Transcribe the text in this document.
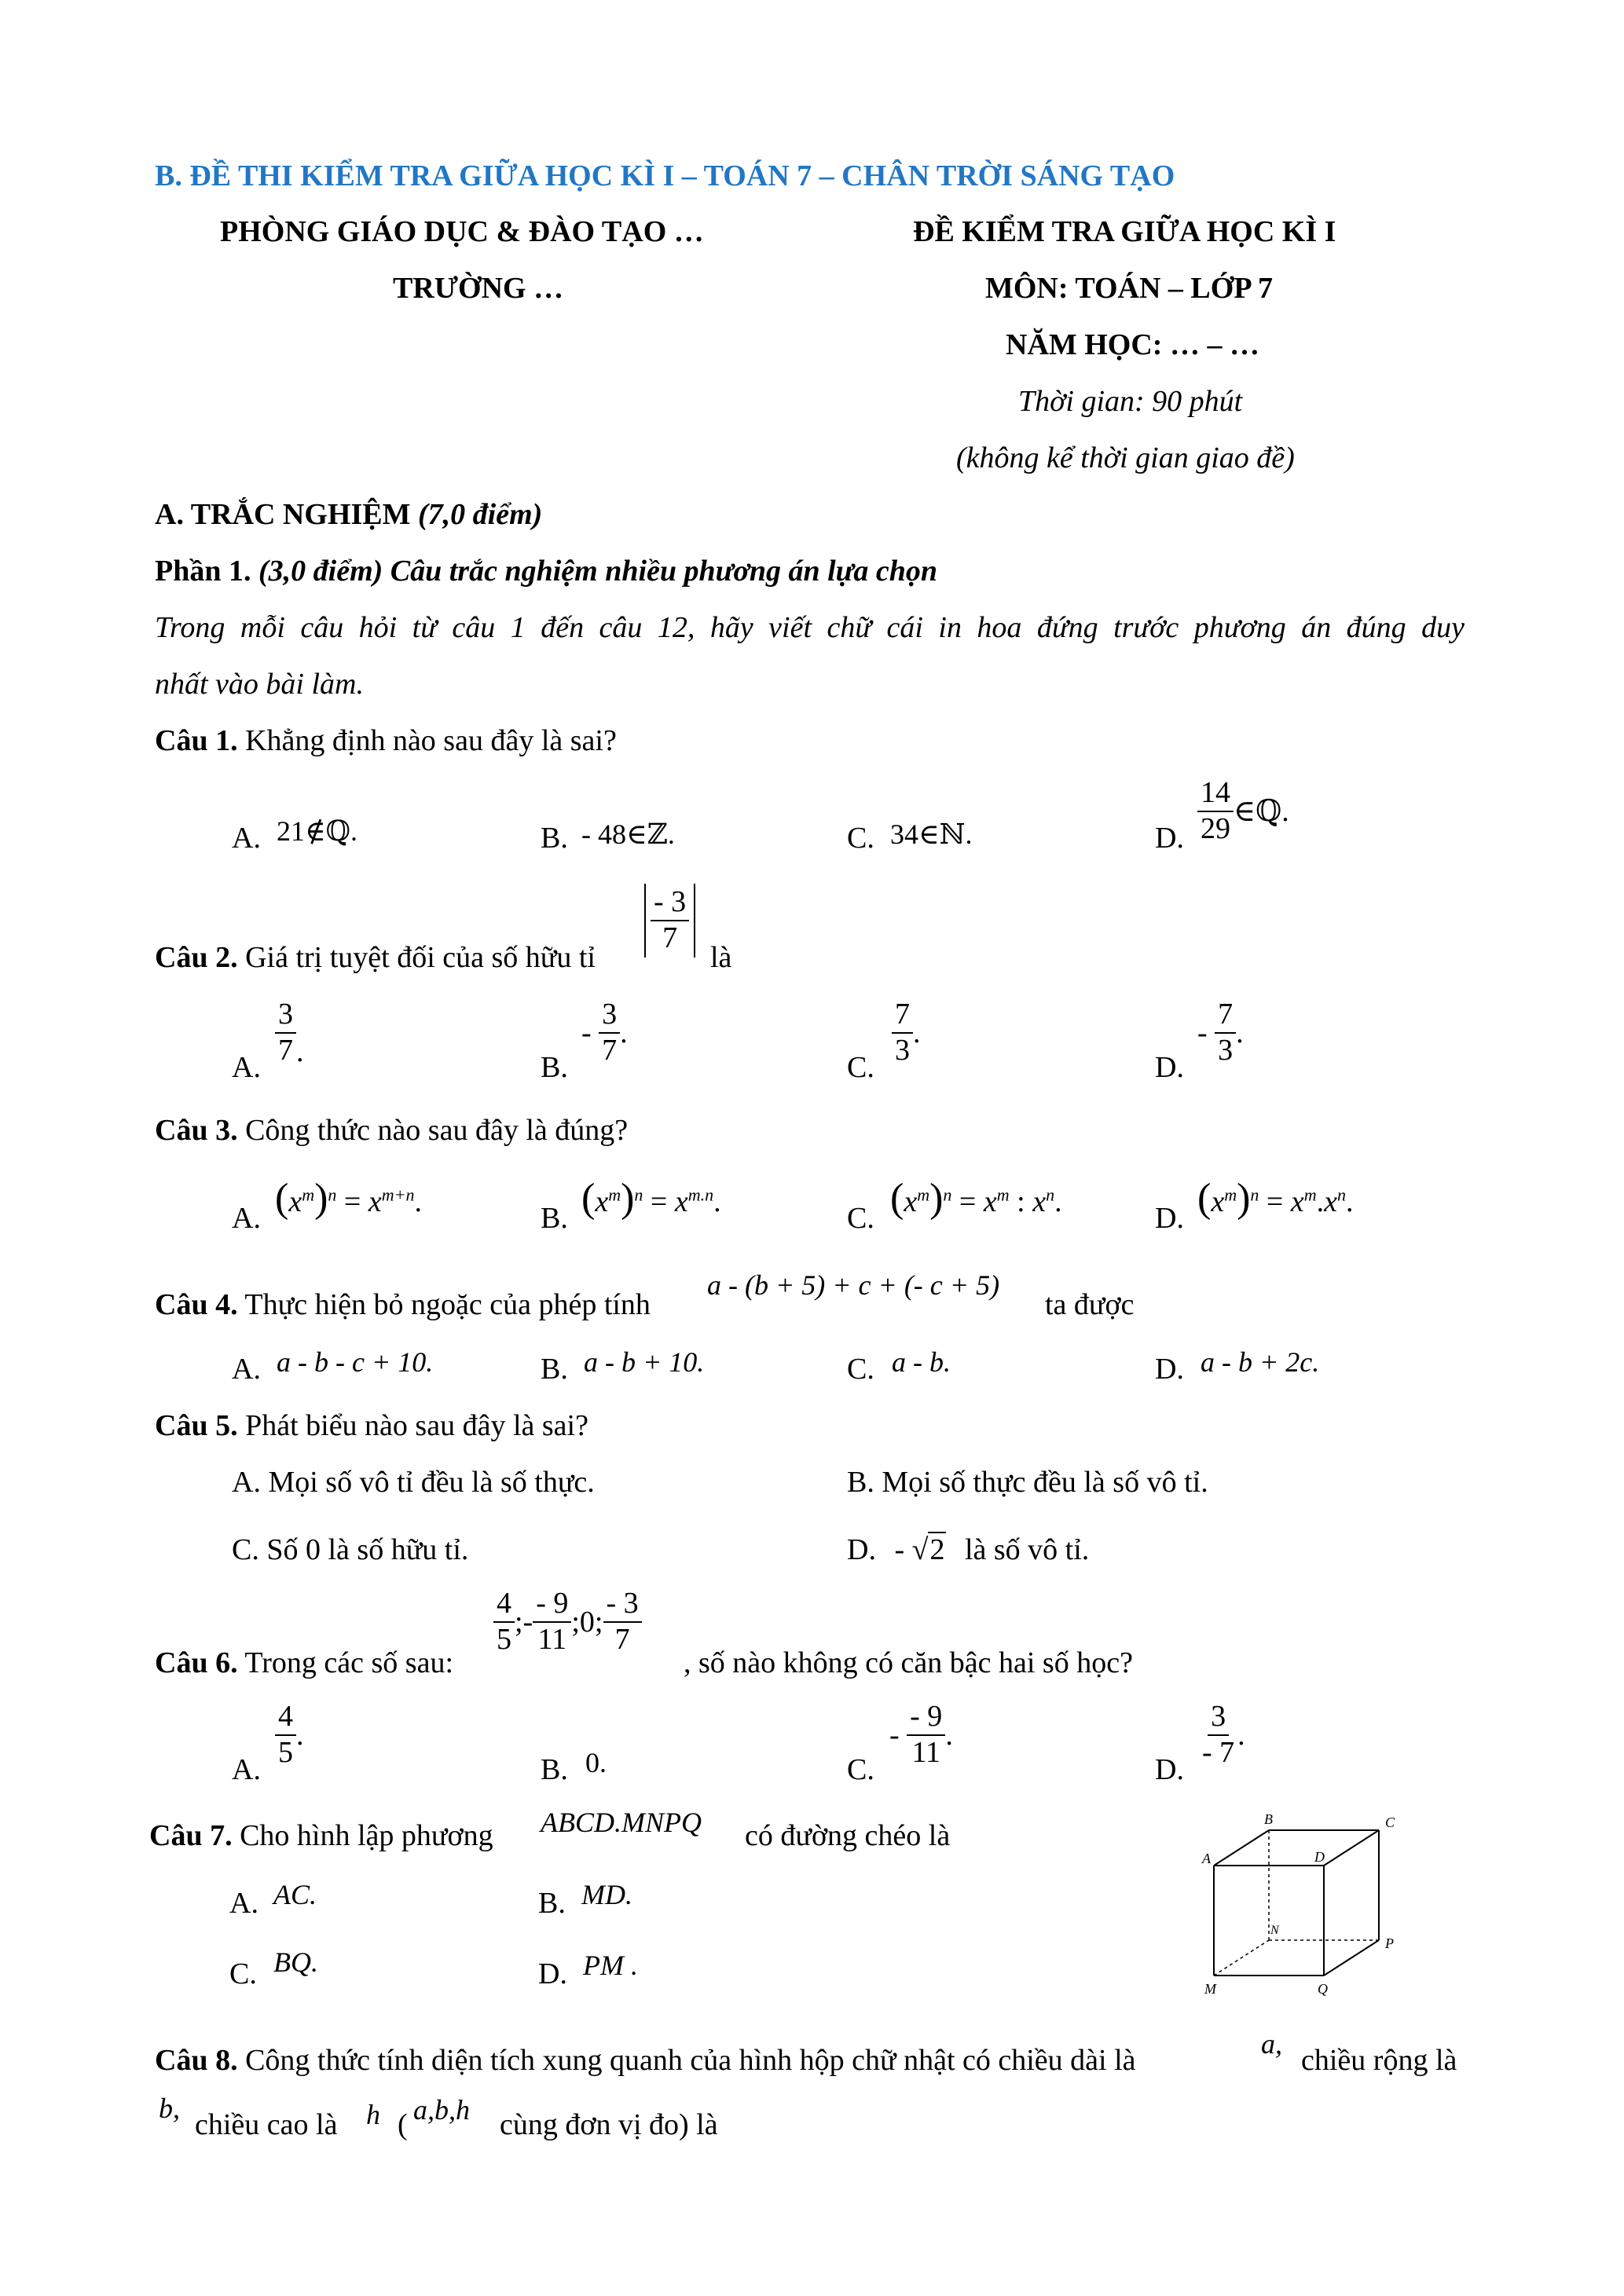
B. ĐỀ THI KIỂM TRA GIỮA HỌC KÌ I – TOÁN 7 – CHÂN TRỜI SÁNG TẠO
PHÒNG GIÁO DỤC & ĐÀO TẠO …
TRƯỜNG …
ĐỀ KIỂM TRA GIỮA HỌC KÌ I
MÔN: TOÁN – LỚP 7
NĂM HỌC: … – …
Thời gian: 90 phút
(không kể thời gian giao đề)
A. TRẮC NGHIỆM (7,0 điểm)
Phần 1. (3,0 điểm) Câu trắc nghiệm nhiều phương án lựa chọn
Trong mỗi câu hỏi từ câu 1 đến câu 12, hãy viết chữ cái in hoa đứng trước phương án đúng duy
nhất vào bài làm.
Câu 1. Khẳng định nào sau đây là sai?
A. 21∉ℚ.	B. - 48∈ℤ.	C. 34∈ℕ.	D. $\frac{14}{29}$ ∈ℚ.
Câu 2. Giá trị tuyệt đối của số hữu tỉ
$\frac{- 3}{7}$
là
A.
$\frac{3}{7}$ .	B.
- $\frac{3}{7}$ .
C.
$\frac{7}{3}$ .
D.
- $\frac{7}{3}$ .
Câu 3. Công thức nào sau đây là đúng?
A. $(x^m)^n = x^{m+n}$.	B. $(x^m)^n = x^{m.n}$.	C. $(x^m)^n = x^m$ : $x^n$.	D. $(x^m)^n = x^m.x^n$.
Câu 4. Thực hiện bỏ ngoặc của phép tính
a - (b + 5) + c + (- c + 5)
ta được
A. a - b - c + 10.	B. a - b + 10.	C. a - b.	D. a - b + 2c.
Câu 5. Phát biểu nào sau đây là sai?
A. Mọi số vô tỉ đều là số thực.	B. Mọi số thực đều là số vô tỉ.
C. Số 0 là số hữu tỉ.	D. - √2 là số vô tỉ.
Câu 6. Trong các số sau:
$\frac{4}{5}$ ;- $\frac{- 9}{11}$ ;0; $\frac{- 3}{7}$
, số nào không có căn bậc hai số học?
A.
$\frac{4}{5}$ .
B. 0.	C.
- $\frac{- 9}{11}$ .
D.
$\frac{3}{- 7}$ .
Câu 7. Cho hình lập phương ABCD.MNPQ có đường chéo là
A. AC.	B. MD.
C. BQ.	D. PM .
A
B	C
D
M
N
P
Q
Câu 8. Công thức tính diện tích xung quanh của hình hộp chữ nhật có chiều dài là	a, chiều rộng là
b, chiều cao là h ( a,b,h cùng đơn vị đo) là
